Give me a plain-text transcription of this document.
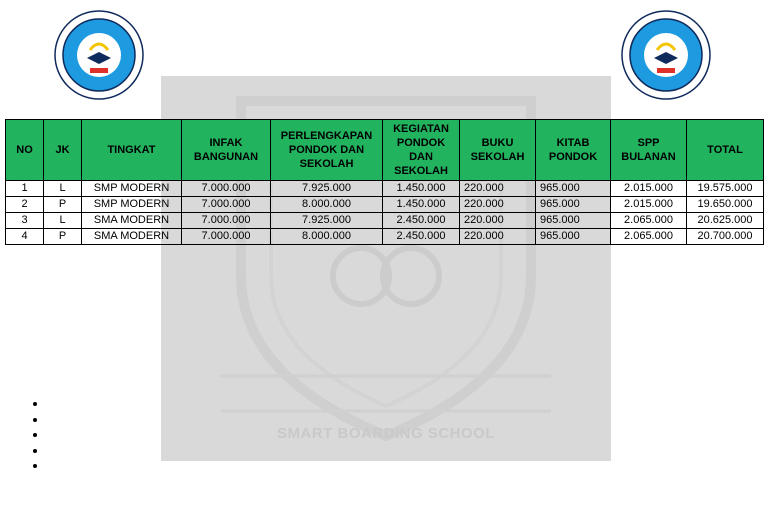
SMART BOARDING SCHOOL
NO	JK	TINGKAT	INFAK BANGUNAN	PERLENGKAPAN PONDOK DAN SEKOLAH	KEGIATAN PONDOK DAN SEKOLAH	BUKU SEKOLAH	KITAB PONDOK	SPP BULANAN	TOTAL
1	L	SMP MODERN	7.000.000	7.925.000	1.450.000	220.000	965.000	2.015.000	19.575.000
2	P	SMP MODERN	7.000.000	8.000.000	1.450.000	220.000	965.000	2.015.000	19.650.000
3	L	SMA MODERN	7.000.000	7.925.000	2.450.000	220.000	965.000	2.065.000	20.625.000
4	P	SMA MODERN	7.000.000	8.000.000	2.450.000	220.000	965.000	2.065.000	20.700.000
